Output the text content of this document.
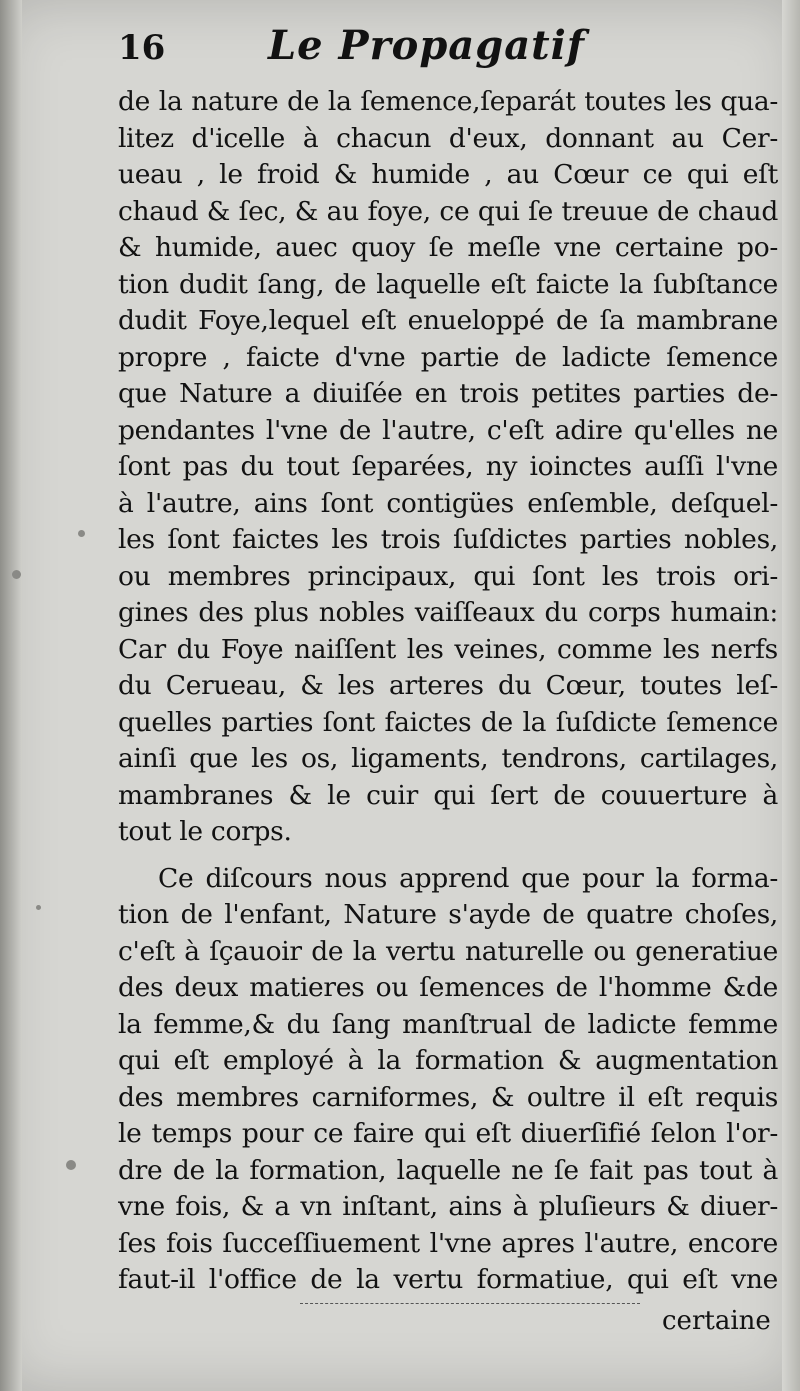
16	Le Propagatif
de la nature de la ſemence,ſeparát toutes les qua-
litez d'icelle à chacun d'eux, donnant au Cer-
ueau , le froid & humide , au Cœur ce qui eſt
chaud & ſec, & au foye, ce qui ſe treuue de chaud
& humide, auec quoy ſe meſle vne certaine po-
tion dudit ſang, de laquelle eſt faicte la ſubſtance
dudit Foye,lequel eſt enueloppé de ſa mambrane
propre , faicte d'vne partie de ladicte ſemence
que Nature a diuiſée en trois petites parties de-
pendantes l'vne de l'autre, c'eſt adire qu'elles ne
ſont pas du tout ſeparées, ny ioinctes auſſi l'vne
à l'autre, ains ſont contigües enſemble, deſquel-
les ſont faictes les trois ſuſdictes parties nobles,
ou membres principaux, qui ſont les trois ori-
gines des plus nobles vaiſſeaux du corps humain:
Car du Foye naiſſent les veines, comme les nerfs
du Cerueau, & les arteres du Cœur, toutes leſ-
quelles parties ſont faictes de la ſuſdicte ſemence
ainſi que les os, ligaments, tendrons, cartilages,
mambranes & le cuir qui ſert de couuerture à
tout le corps.
Ce diſcours nous apprend que pour la forma-
tion de l'enfant, Nature s'ayde de quatre choſes,
c'eſt à ſçauoir de la vertu naturelle ou generatiue
des deux matieres ou ſemences de l'homme &de
la femme,& du ſang manſtrual de ladicte femme
qui eſt employé à la formation & augmentation
des membres carniformes, & oultre il eſt requis
le temps pour ce faire qui eſt diuerſifié ſelon l'or-
dre de la formation, laquelle ne ſe fait pas tout à
vne fois, & a vn inſtant, ains à pluſieurs & diuer-
ſes fois ſucceſſiuement l'vne apres l'autre, encore
faut-il l'office de la vertu formatiue, qui eſt vne
certaine
